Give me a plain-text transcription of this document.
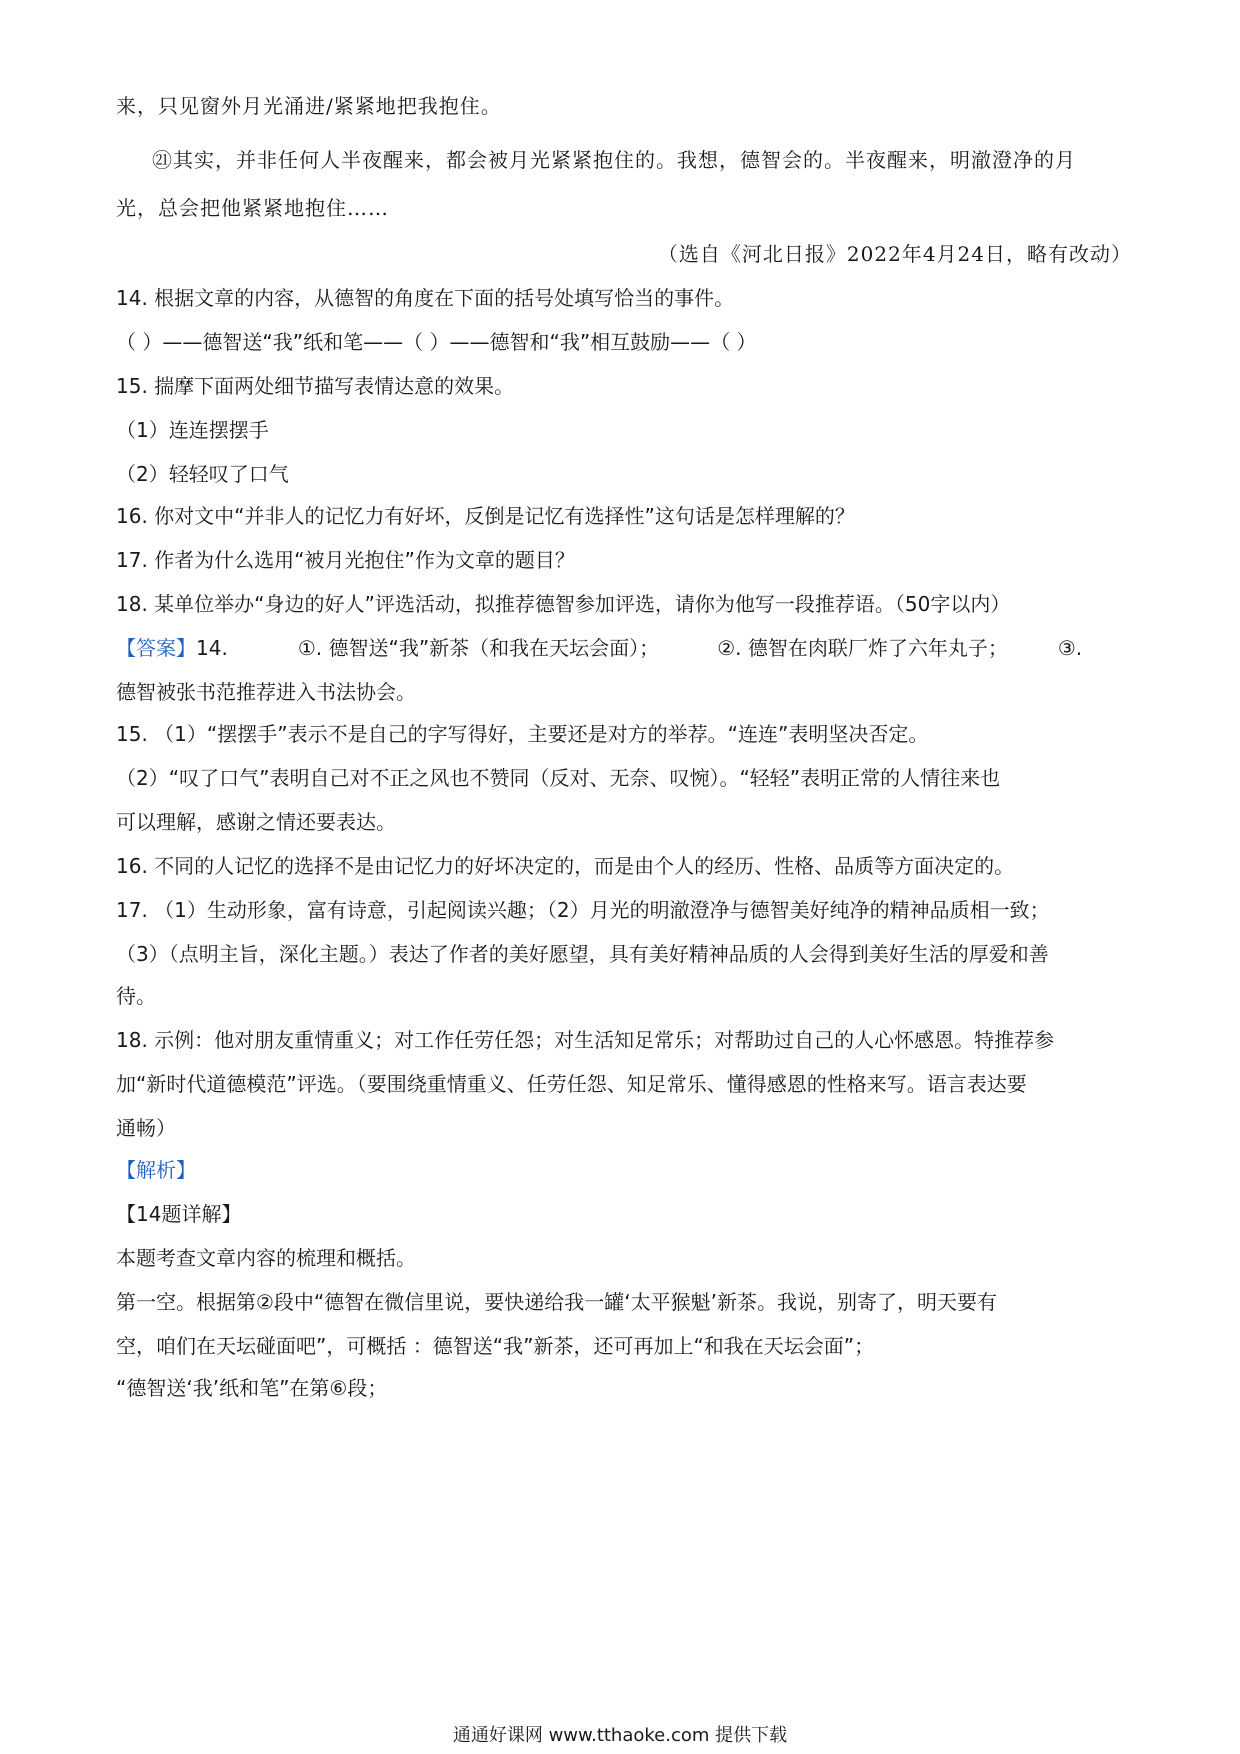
来，只见窗外月光涌进/紧紧地把我抱住。
㉑其实，并非任何人半夜醒来，都会被月光紧紧抱住的。我想，德智会的。半夜醒来，明澈澄净的月
光，总会把他紧紧地抱住……
（选自《河北日报》2022年4月24日，略有改动）
14. 根据文章的内容，从德智的角度在下面的括号处填写恰当的事件。
（ ）——德智送“我”纸和笔——（ ）——德智和“我”相互鼓励——（ ）
15. 揣摩下面两处细节描写表情达意的效果。
（1）连连摆摆手
（2）轻轻叹了口气
16. 你对文中“并非人的记忆力有好坏，反倒是记忆有选择性”这句话是怎样理解的？
17. 作者为什么选用“被月光抱住”作为文章的题目？
18. 某单位举办“身边的好人”评选活动，拟推荐德智参加评选，请你为他写一段推荐语。（50字以内）
【答案】14.	①. 德智送“我”新茶（和我在天坛会面）；	②. 德智在肉联厂炸了六年丸子；	③.
德智被张书范推荐进入书法协会。
15. （1）“摆摆手”表示不是自己的字写得好，主要还是对方的举荐。“连连”表明坚决否定。
（2）“叹了口气”表明自己对不正之风也不赞同（反对、无奈、叹惋）。“轻轻”表明正常的人情往来也
可以理解，感谢之情还要表达。
16. 不同的人记忆的选择不是由记忆力的好坏决定的，而是由个人的经历、性格、品质等方面决定的。
17. （1）生动形象，富有诗意，引起阅读兴趣；（2）月光的明澈澄净与德智美好纯净的精神品质相一致；
（3）（点明主旨，深化主题。）表达了作者的美好愿望，具有美好精神品质的人会得到美好生活的厚爱和善
待。
18. 示例：他对朋友重情重义；对工作任劳任怨；对生活知足常乐；对帮助过自己的人心怀感恩。特推荐参
加“新时代道德模范”评选。（要围绕重情重义、任劳任怨、知足常乐、懂得感恩的性格来写。语言表达要
通畅）
【解析】
【14题详解】
本题考查文章内容的梳理和概括。
第一空。根据第②段中“德智在微信里说，要快递给我一罐‘太平猴魁’新茶。我说，别寄了，明天要有
空，咱们在天坛碰面吧”，可概括 ：德智送“我”新茶，还可再加上“和我在天坛会面”；
“德智送‘我’纸和笔”在第⑥段；
通通好课网 www.tthaoke.com 提供下载
